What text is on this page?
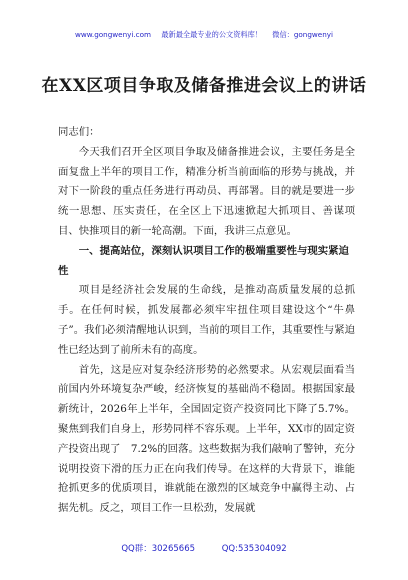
www.gongwenyi.com 最新最全最专业的公文资料库！ 微信：gongwenyi
在XX区项目争取及储备推进会议上的讲话

同志们：

今天我们召开全区项目争取及储备推进会议，主要任务是全面复盘上半年的项目工作，精准分析当前面临的形势与挑战，并对下一阶段的重点任务进行再动员、再部署。目的就是要进一步统一思想、压实责任，在全区上下迅速掀起大抓项目、善谋项目、快推项目的新一轮高潮。下面，我讲三点意见。

一、提高站位，深刻认识项目工作的极端重要性与现实紧迫性

项目是经济社会发展的生命线，是推动高质量发展的总抓手。在任何时候，抓发展都必须牢牢扭住项目建设这个“牛鼻子”。我们必须清醒地认识到，当前的项目工作，其重要性与紧迫性已经达到了前所未有的高度。

首先，这是应对复杂经济形势的必然要求。从宏观层面看当前国内外环境复杂严峻，经济恢复的基础尚不稳固。根据国家最新统计，2026年上半年，全国固定资产投资同比下降了5.7%。聚焦到我们自身上，形势同样不容乐观。上半年，XX市的固定资产投资出现了　7.2%的回落。这些数据为我们敲响了警钟，充分说明投资下滑的压力正在向我们传导。在这样的大背景下，谁能抢抓更多的优质项目，谁就能在激烈的区域竞争中赢得主动、占据先机。反之，项目工作一旦松劲，发展就

QQ群：30265665	QQ:535304092
